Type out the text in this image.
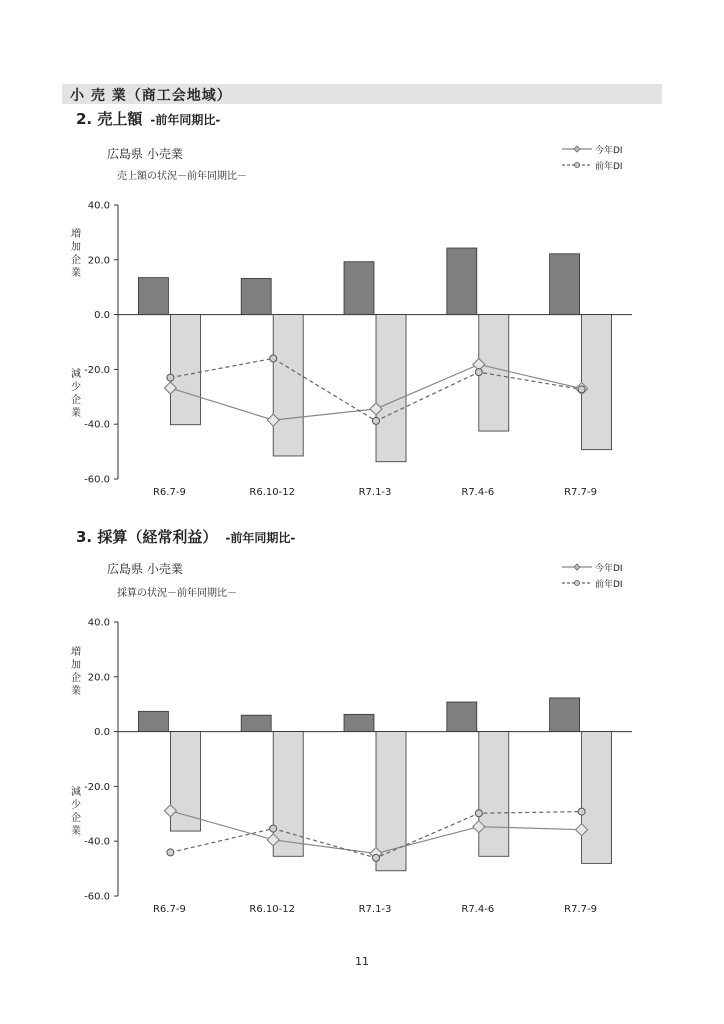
小 売 業（商工会地域）
2. 売上額 -前年同期比-
広島県 小売業
売上額の状況－前年同期比－
今年DI
前年DI
増加企業
減少企業
40.0
20.0
0.0
-20.0
-40.0
-60.0
R6.7-9	R6.10-12	R7.1-3	R7.4-6	R7.7-9
3. 採算（経常利益） -前年同期比-
広島県 小売業
採算の状況－前年同期比－
今年DI
前年DI
増加企業
減少企業
40.0
20.0
0.0
-20.0
-40.0
-60.0
R6.7-9	R6.10-12	R7.1-3	R7.4-6	R7.7-9
11
